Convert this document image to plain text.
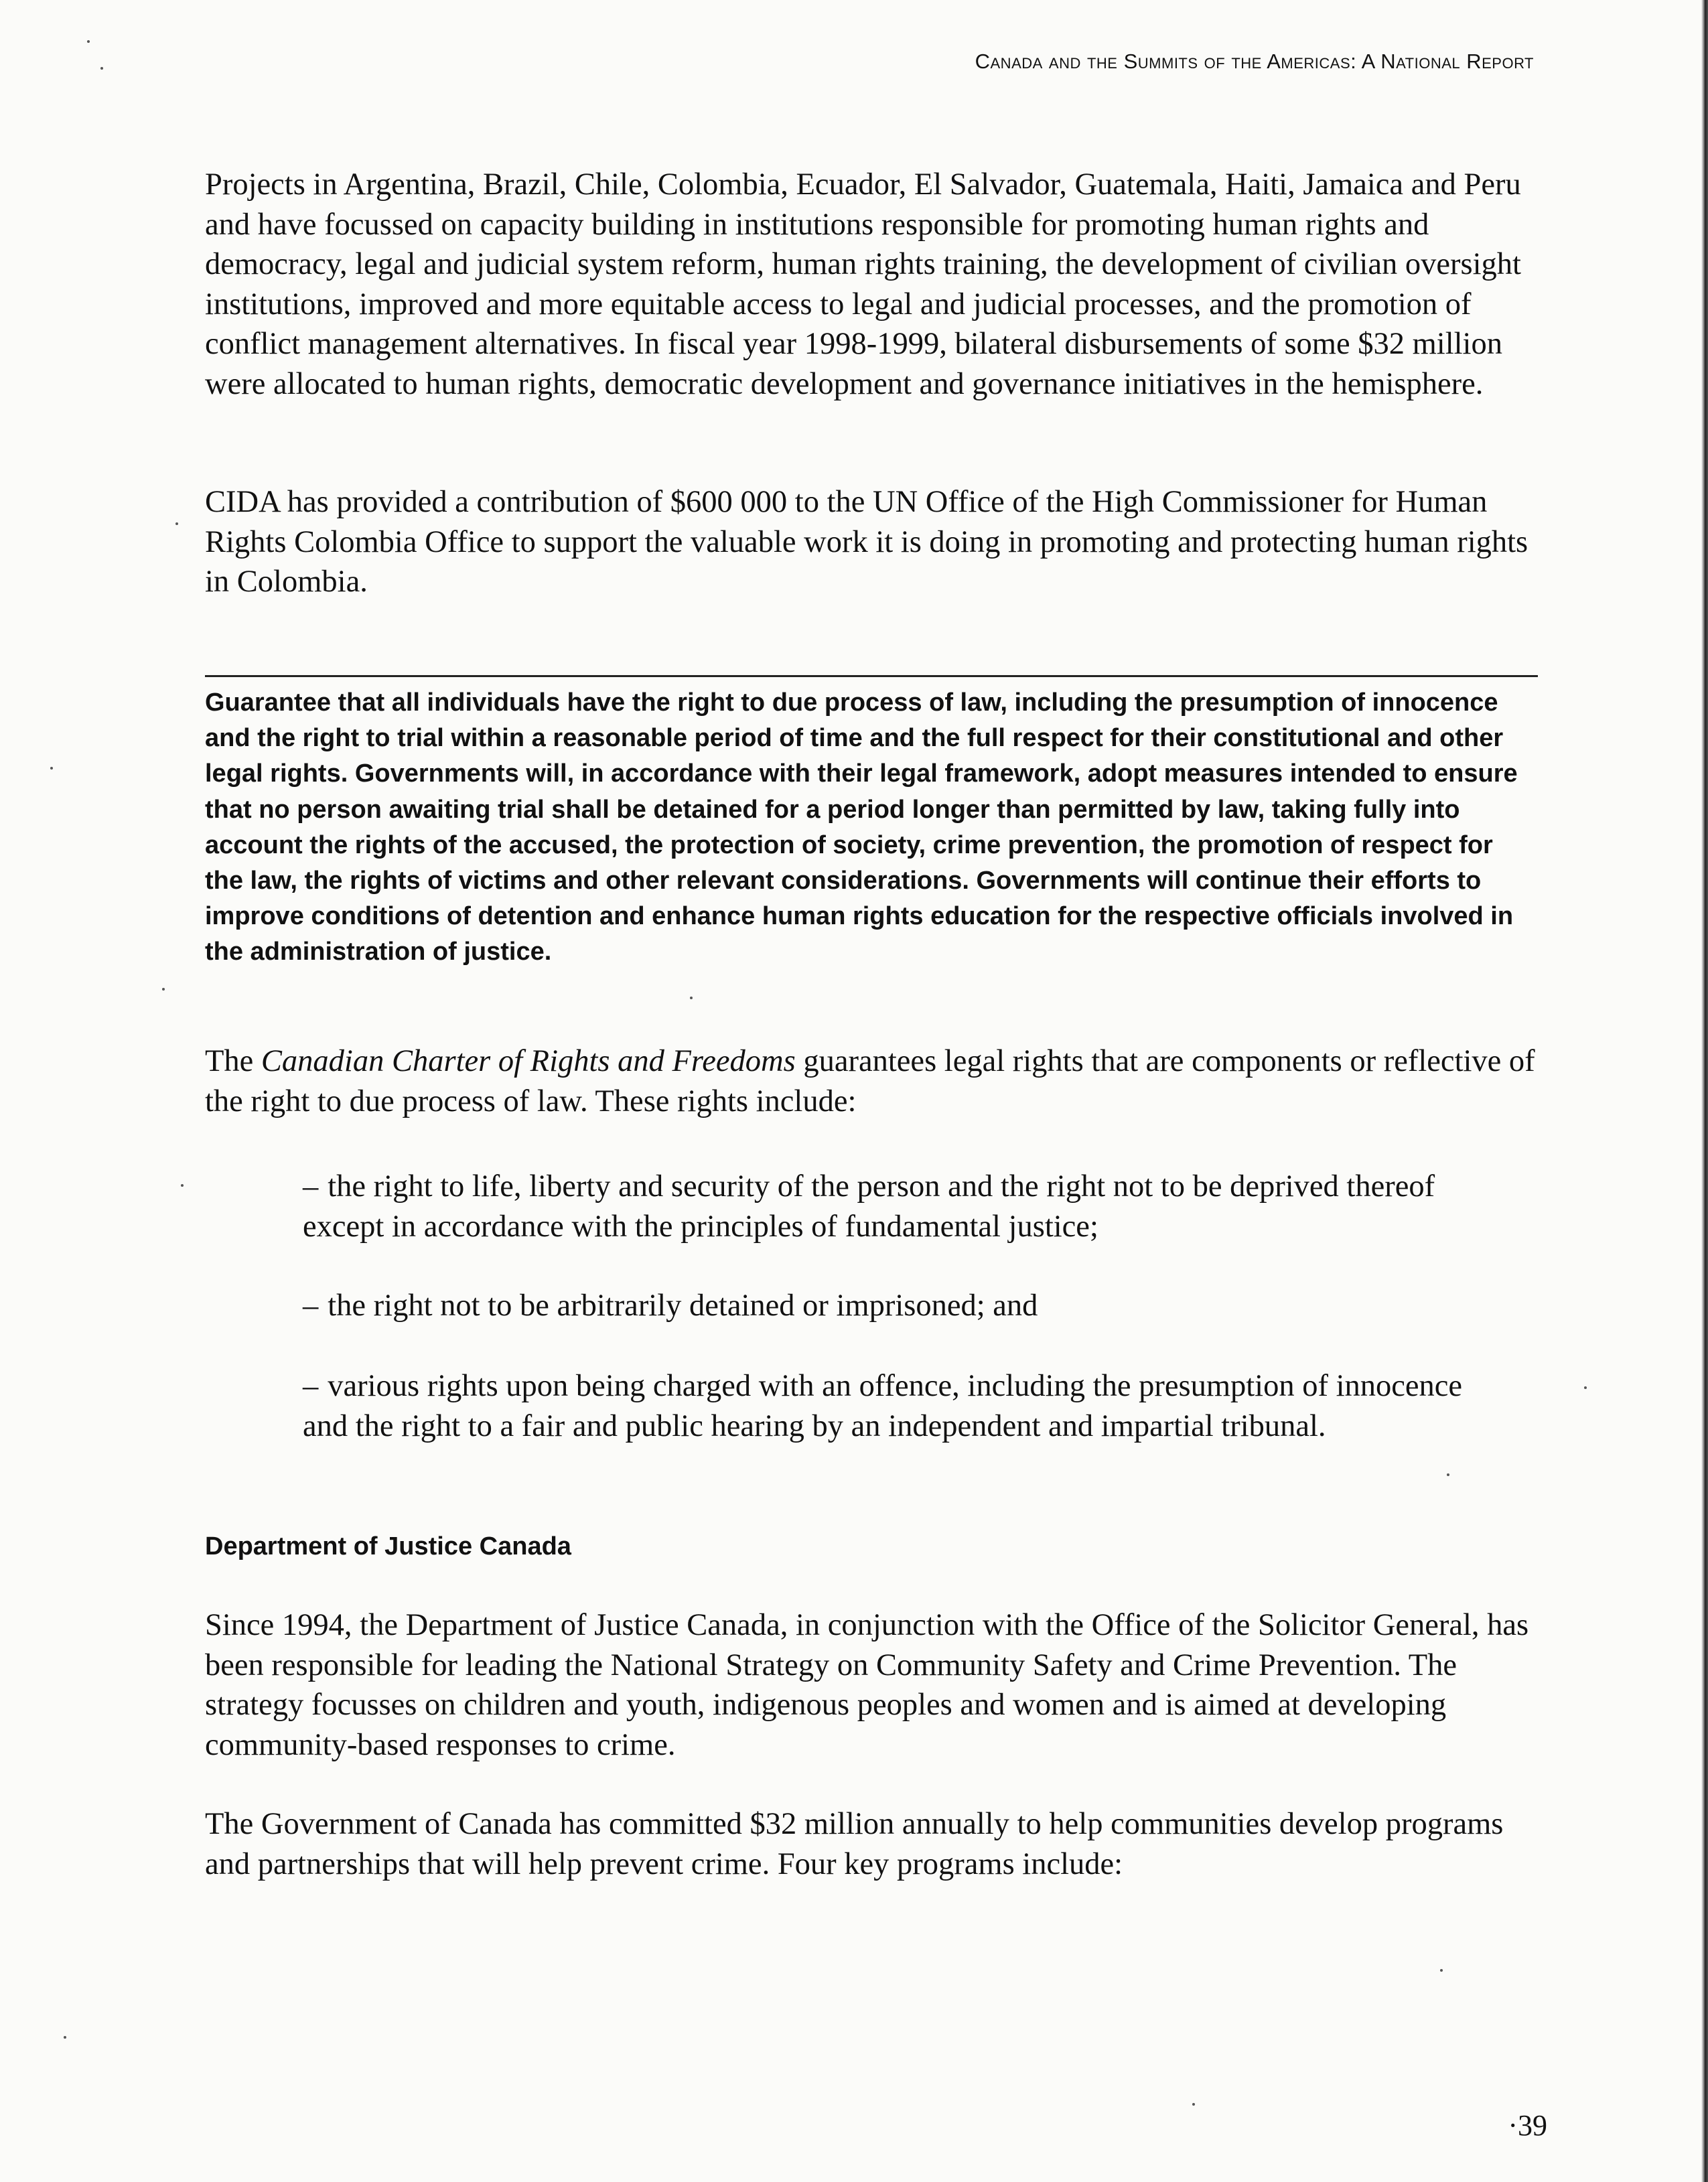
Canada and the Summits of the Americas: A National Report

Projects in Argentina, Brazil, Chile, Colombia, Ecuador, El Salvador, Guatemala, Haiti, Jamaica and Peru and have focussed on capacity building in institutions responsible for promoting human rights and democracy, legal and judicial system reform, human rights training, the development of civilian oversight institutions, improved and more equitable access to legal and judicial processes, and the promotion of conflict management alternatives. In fiscal year 1998-1999, bilateral disbursements of some $32 million were allocated to human rights, democratic development and governance initiatives in the hemisphere.

CIDA has provided a contribution of $600 000 to the UN Office of the High Commissioner for Human Rights Colombia Office to support the valuable work it is doing in promoting and protecting human rights in Colombia.

Guarantee that all individuals have the right to due process of law, including the presumption of innocence and the right to trial within a reasonable period of time and the full respect for their constitutional and other legal rights. Governments will, in accordance with their legal framework, adopt measures intended to ensure that no person awaiting trial shall be detained for a period longer than permitted by law, taking fully into account the rights of the accused, the protection of society, crime prevention, the promotion of respect for the law, the rights of victims and other relevant considerations. Governments will continue their efforts to improve conditions of detention and enhance human rights education for the respective officials involved in the administration of justice.

The Canadian Charter of Rights and Freedoms guarantees legal rights that are components or reflective of the right to due process of law. These rights include:

– the right to life, liberty and security of the person and the right not to be deprived thereof except in accordance with the principles of fundamental justice;

– the right not to be arbitrarily detained or imprisoned; and

– various rights upon being charged with an offence, including the presumption of innocence and the right to a fair and public hearing by an independent and impartial tribunal.

Department of Justice Canada

Since 1994, the Department of Justice Canada, in conjunction with the Office of the Solicitor General, has been responsible for leading the National Strategy on Community Safety and Crime Prevention. The strategy focusses on children and youth, indigenous peoples and women and is aimed at developing community-based responses to crime.

The Government of Canada has committed $32 million annually to help communities develop programs and partnerships that will help prevent crime. Four key programs include:

·39
